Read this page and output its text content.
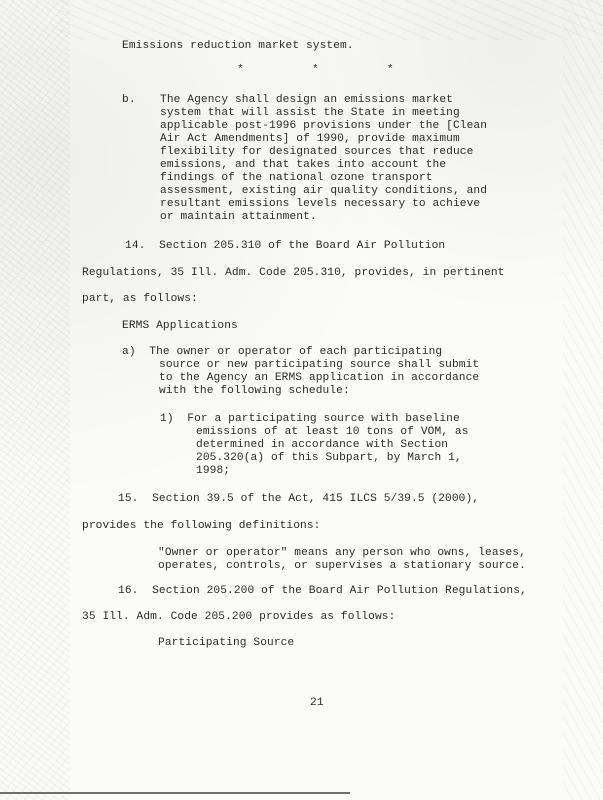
Emissions reduction market system.
*          *          *
b. The Agency shall design an emissions market
system that will assist the State in meeting
applicable post-1996 provisions under the [Clean
Air Act Amendments] of 1990, provide maximum
flexibility for designated sources that reduce
emissions, and that takes into account the
findings of the national ozone transport
assessment, existing air quality conditions, and
resultant emissions levels necessary to achieve
or maintain attainment.
14.  Section 205.310 of the Board Air Pollution
Regulations, 35 Ill. Adm. Code 205.310, provides, in pertinent
part, as follows:
ERMS Applications
a)  The owner or operator of each participating
source or new participating source shall submit
to the Agency an ERMS application in accordance
with the following schedule:
1)  For a participating source with baseline
emissions of at least 10 tons of VOM, as
determined in accordance with Section
205.320(a) of this Subpart, by March 1,
1998;
15.  Section 39.5 of the Act, 415 ILCS 5/39.5 (2000),
provides the following definitions:
"Owner or operator" means any person who owns, leases,
operates, controls, or supervises a stationary source.
16.  Section 205.200 of the Board Air Pollution Regulations,
35 Ill. Adm. Code 205.200 provides as follows:
Participating Source
21
